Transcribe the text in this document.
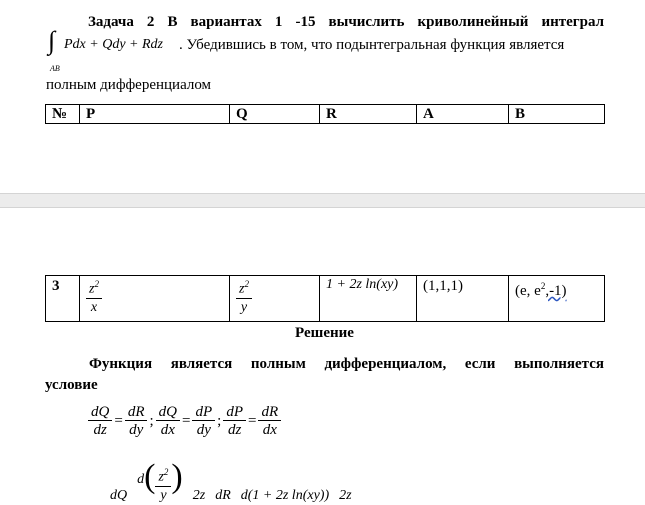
Задача 2 В вариантах 1 -15 вычислить криволинейный интеграл
∫
AB
Pdx + Qdy + Rdz . Убедившись в том, что подынтегральная функция является
полным дифференциалом
№	P	Q	R	A	B
3	$\frac{z^2}{x}$	$\frac{z^2}{y}$	1 + 2z ln(xy)	(1,1,1)	(e, $e^2,-1$)
Решение
Функция является полным дифференциалом, если выполняется
условие
$\frac{dQ}{dz} = \frac{dR}{dy}$ ; $\frac{dQ}{dx} = \frac{dP}{dy}$ ; $\frac{dP}{dz} = \frac{dR}{dx}$
dQ
d ( $\frac{z^2}{y}$ )
2z dR d(1 + 2z ln(xy)) 2z
